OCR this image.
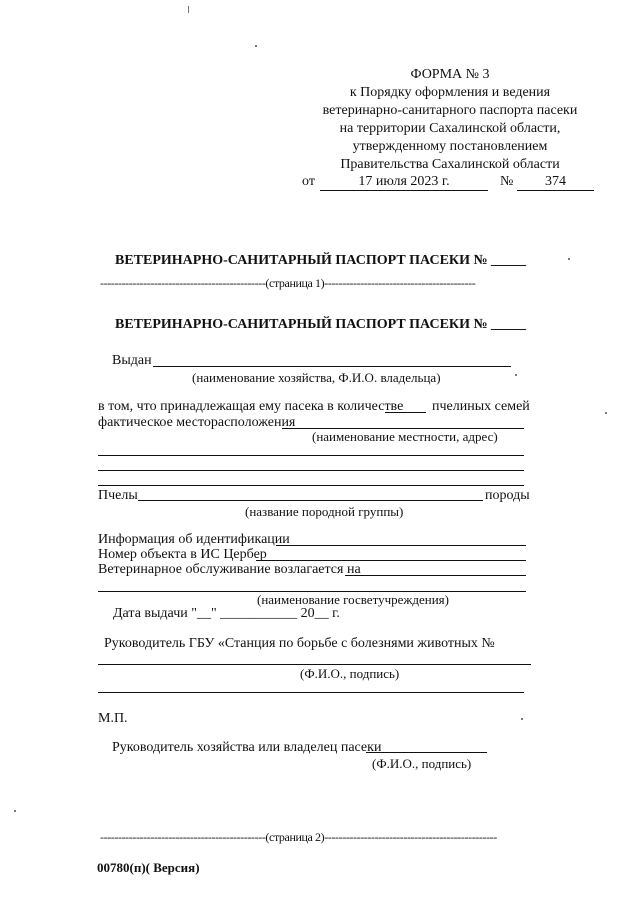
ФОРМА № 3
к Порядку оформления и ведения
ветеринарно-санитарного паспорта пасеки
на территории Сахалинской области,
утвержденному постановлением
Правительства Сахалинской области
от	17 июля 2023 г.	№	374
ВЕТЕРИНАРНО-САНИТАРНЫЙ ПАСПОРТ ПАСЕКИ № _____
----------------------------------------------(страница 1)------------------------------------------
ВЕТЕРИНАРНО-САНИТАРНЫЙ ПАСПОРТ ПАСЕКИ № _____
Выдан
(наименование хозяйства, Ф.И.О. владельца)
в том, что принадлежащая ему пасека в количестве пчелиных семей
фактическое месторасположения
(наименование местности, адрес)
Пчелы	породы
(название породной группы)
Информация об идентификации
Номер объекта в ИС Цербер
Ветеринарное обслуживание возлагается на
(наименование госветучреждения)
Дата выдачи "__" ___________ 20__ г.
Руководитель ГБУ «Станция по борьбе с болезнями животных №
(Ф.И.О., подпись)
М.П.
Руководитель хозяйства или владелец пасеки
(Ф.И.О., подпись)
----------------------------------------------(страница 2)------------------------------------------------
00780(п)( Версия)
